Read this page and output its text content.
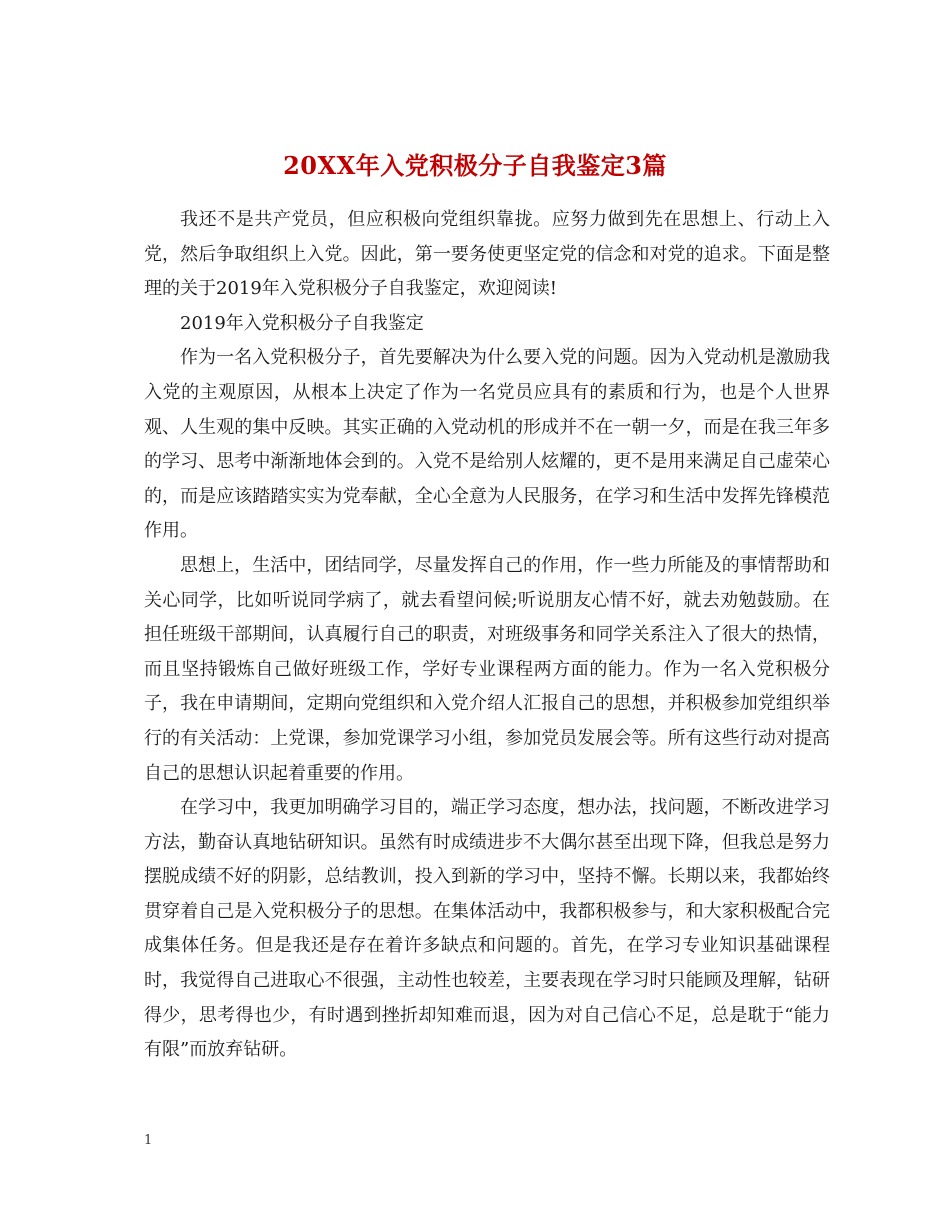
20XX年入党积极分子自我鉴定3篇

我还不是共产党员，但应积极向党组织靠拢。应努力做到先在思想上、行动上入党，然后争取组织上入党。因此，第一要务使更坚定党的信念和对党的追求。下面是整理的关于2019年入党积极分子自我鉴定，欢迎阅读!

2019年入党积极分子自我鉴定

作为一名入党积极分子，首先要解决为什么要入党的问题。因为入党动机是激励我入党的主观原因，从根本上决定了作为一名党员应具有的素质和行为，也是个人世界观、人生观的集中反映。其实正确的入党动机的形成并不在一朝一夕，而是在我三年多的学习、思考中渐渐地体会到的。入党不是给别人炫耀的，更不是用来满足自己虚荣心的，而是应该踏踏实实为党奉献，全心全意为人民服务，在学习和生活中发挥先锋模范作用。

思想上，生活中，团结同学，尽量发挥自己的作用，作一些力所能及的事情帮助和关心同学，比如听说同学病了，就去看望问候;听说朋友心情不好，就去劝勉鼓励。在担任班级干部期间，认真履行自己的职责，对班级事务和同学关系注入了很大的热情，而且坚持锻炼自己做好班级工作，学好专业课程两方面的能力。作为一名入党积极分子，我在申请期间，定期向党组织和入党介绍人汇报自己的思想，并积极参加党组织举行的有关活动：上党课，参加党课学习小组，参加党员发展会等。所有这些行动对提高自己的思想认识起着重要的作用。

在学习中，我更加明确学习目的，端正学习态度，想办法，找问题，不断改进学习方法，勤奋认真地钻研知识。虽然有时成绩进步不大偶尔甚至出现下降，但我总是努力摆脱成绩不好的阴影，总结教训，投入到新的学习中，坚持不懈。长期以来，我都始终贯穿着自己是入党积极分子的思想。在集体活动中，我都积极参与，和大家积极配合完成集体任务。但是我还是存在着许多缺点和问题的。首先，在学习专业知识基础课程时，我觉得自己进取心不很强，主动性也较差，主要表现在学习时只能顾及理解，钻研得少，思考得也少，有时遇到挫折却知难而退，因为对自己信心不足，总是耽于“能力有限”而放弃钻研。

1
